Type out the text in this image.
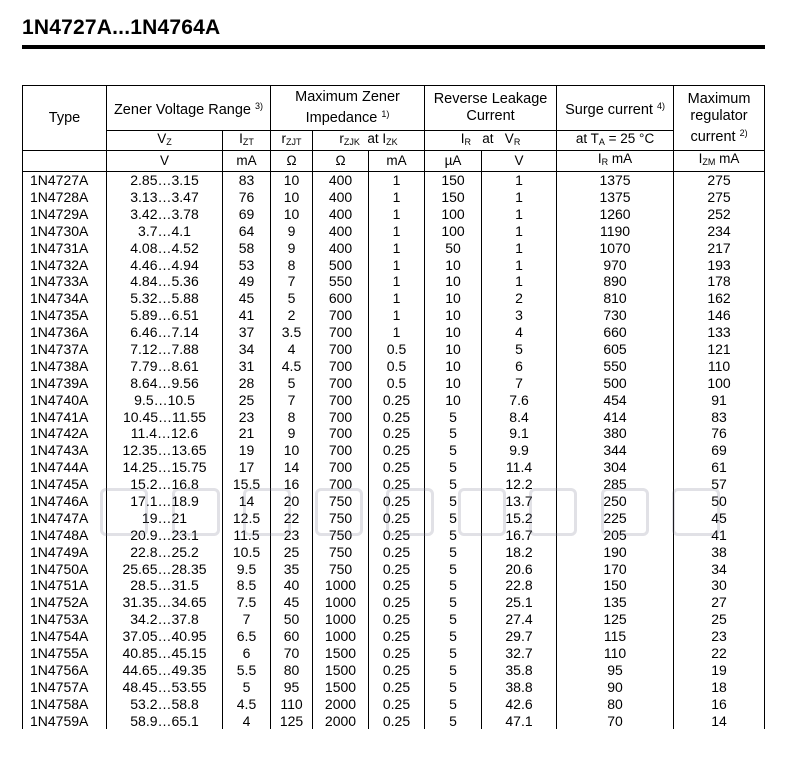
1N4727A...1N4764A
Type	Zener Voltage Range $^{3)}$		Maximum Zener Impedance $^{1)}$			Reverse Leakage Current		Surge current $^{4)}$	Maximum regulator current $^{2)}$
	$V_Z$	$I_{ZT}$	$r_{ZJT}$	$r_{ZJK}$ at $I_{ZK}$		$I_R$ at $V_R$		at $T_A = 25$ °C	
	V	mA	Ω	Ω	mA	µA	V	$I_R$ mA	$I_{ZM}$ mA
1N4727A	2.85…3.15	83	10	400	1	150	1	1375	275
1N4728A	3.13…3.47	76	10	400	1	150	1	1375	275
1N4729A	3.42…3.78	69	10	400	1	100	1	1260	252
1N4730A	3.7…4.1	64	9	400	1	100	1	1190	234
1N4731A	4.08…4.52	58	9	400	1	50	1	1070	217
1N4732A	4.46…4.94	53	8	500	1	10	1	970	193
1N4733A	4.84…5.36	49	7	550	1	10	1	890	178
1N4734A	5.32…5.88	45	5	600	1	10	2	810	162
1N4735A	5.89…6.51	41	2	700	1	10	3	730	146
1N4736A	6.46…7.14	37	3.5	700	1	10	4	660	133
1N4737A	7.12…7.88	34	4	700	0.5	10	5	605	121
1N4738A	7.79…8.61	31	4.5	700	0.5	10	6	550	110
1N4739A	8.64…9.56	28	5	700	0.5	10	7	500	100
1N4740A	9.5…10.5	25	7	700	0.25	10	7.6	454	91
1N4741A	10.45…11.55	23	8	700	0.25	5	8.4	414	83
1N4742A	11.4…12.6	21	9	700	0.25	5	9.1	380	76
1N4743A	12.35…13.65	19	10	700	0.25	5	9.9	344	69
1N4744A	14.25…15.75	17	14	700	0.25	5	11.4	304	61
1N4745A	15.2…16.8	15.5	16	700	0.25	5	12.2	285	57
1N4746A	17.1…18.9	14	20	750	0.25	5	13.7	250	50
1N4747A	19…21	12.5	22	750	0.25	5	15.2	225	45
1N4748A	20.9…23.1	11.5	23	750	0.25	5	16.7	205	41
1N4749A	22.8…25.2	10.5	25	750	0.25	5	18.2	190	38
1N4750A	25.65…28.35	9.5	35	750	0.25	5	20.6	170	34
1N4751A	28.5…31.5	8.5	40	1000	0.25	5	22.8	150	30
1N4752A	31.35…34.65	7.5	45	1000	0.25	5	25.1	135	27
1N4753A	34.2…37.8	7	50	1000	0.25	5	27.4	125	25
1N4754A	37.05…40.95	6.5	60	1000	0.25	5	29.7	115	23
1N4755A	40.85…45.15	6	70	1500	0.25	5	32.7	110	22
1N4756A	44.65…49.35	5.5	80	1500	0.25	5	35.8	95	19
1N4757A	48.45…53.55	5	95	1500	0.25	5	38.8	90	18
1N4758A	53.2…58.8	4.5	110	2000	0.25	5	42.6	80	16
1N4759A	58.9…65.1	4	125	2000	0.25	5	47.1	70	14
